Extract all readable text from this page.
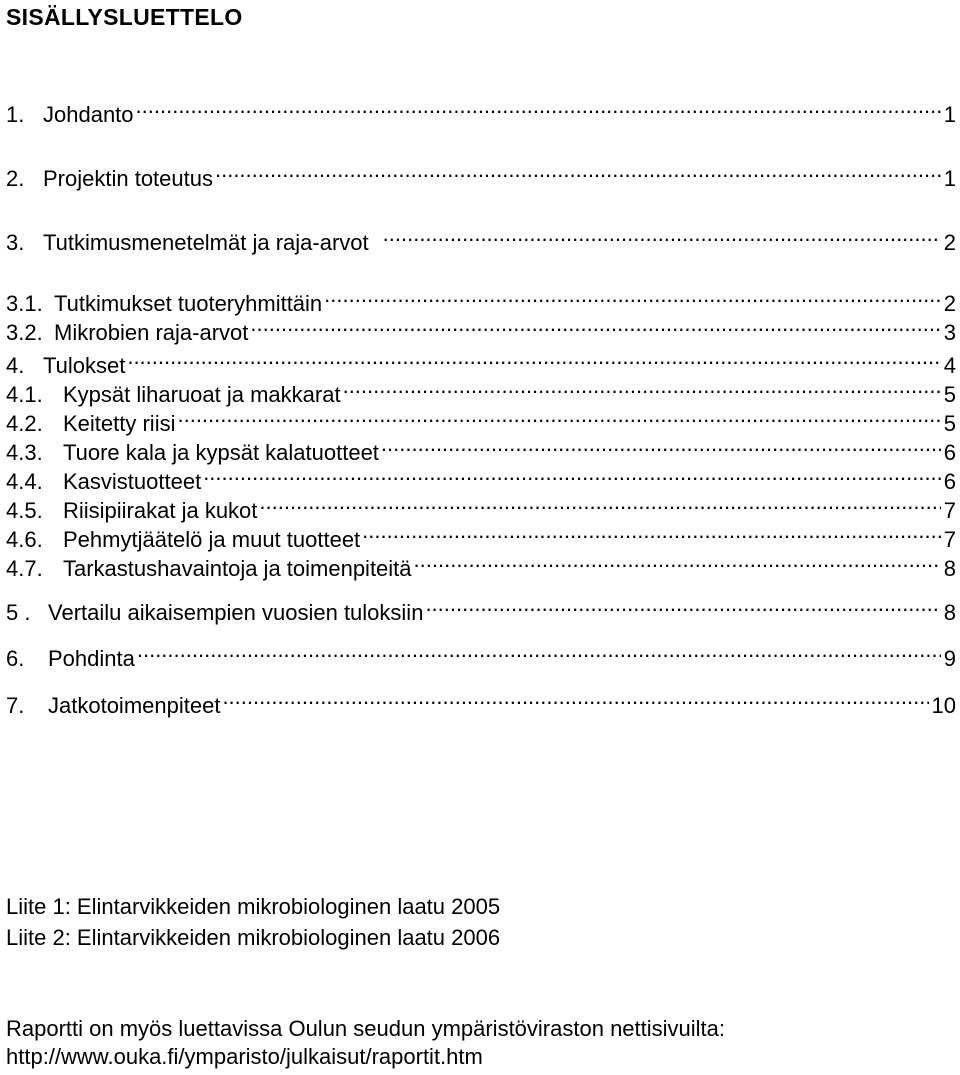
SISÄLLYSLUETTELO
1. Johdanto .....	1
2. Projektin toteutus .....	1
3. Tutkimusmenetelmät ja raja-arvot .....	2
3.1. Tutkimukset tuoteryhmittäin .....	2
3.2. Mikrobien raja-arvot .....	3
4. Tulokset .....	4
4.1. Kypsät liharuoat ja makkarat .....	5
4.2. Keitetty riisi .....	5
4.3. Tuore kala ja kypsät kalatuotteet .....	6
4.4. Kasvistuotteet .....	6
4.5. Riisipiirakat ja kukot .....	7
4.6. Pehmytjäätelö ja muut tuotteet .....	7
4.7. Tarkastushavaintoja ja toimenpiteitä .....	8
5 . Vertailu aikaisempien vuosien tuloksiin .....	8
6.	Pohdinta .....	9
7.	Jatkotoimenpiteet .....	10
Liite 1: Elintarvikkeiden mikrobiologinen laatu 2005
Liite 2: Elintarvikkeiden mikrobiologinen laatu 2006
Raportti on myös luettavissa Oulun seudun ympäristöviraston nettisivuilta:
http://www.ouka.fi/ymparisto/julkaisut/raportit.htm
